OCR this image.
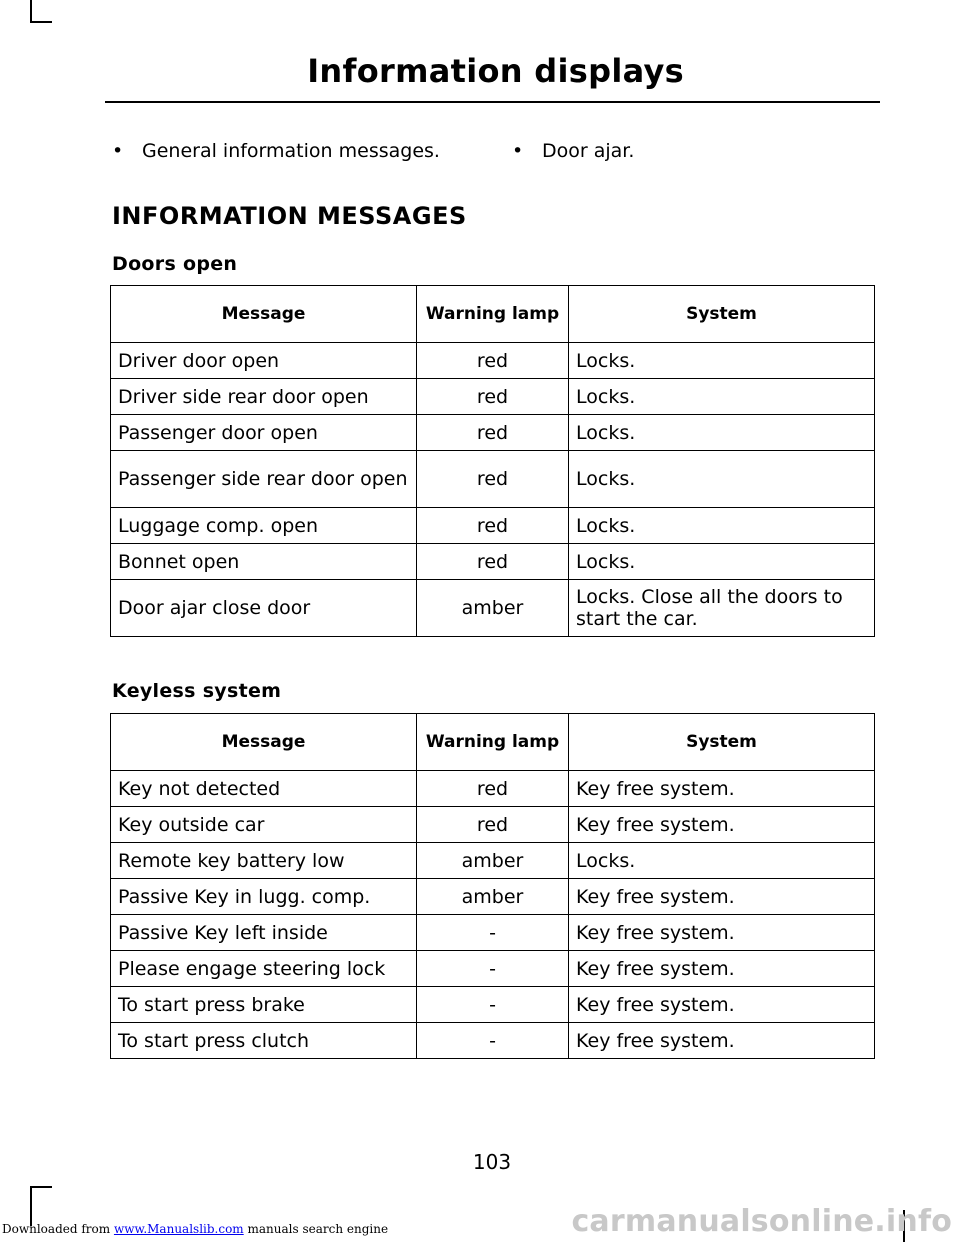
Information displays
• General information messages.	• Door ajar.
INFORMATION MESSAGES
Doors open
Message	Warning lamp	System
Driver door open	red	Locks.
Driver side rear door open	red	Locks.
Passenger door open	red	Locks.
Passenger side rear door open	red	Locks.
Luggage comp. open	red	Locks.
Bonnet open	red	Locks.
Door ajar close door	amber	Locks. Close all the doors to start the car.
Keyless system
Message	Warning lamp	System
Key not detected	red	Key free system.
Key outside car	red	Key free system.
Remote key battery low	amber	Locks.
Passive Key in lugg. comp.	amber	Key free system.
Passive Key left inside	-	Key free system.
Please engage steering lock	-	Key free system.
To start press brake	-	Key free system.
To start press clutch	-	Key free system.
103
Downloaded from www.Manualslib.com manuals search engine	carmanualsonline.info
